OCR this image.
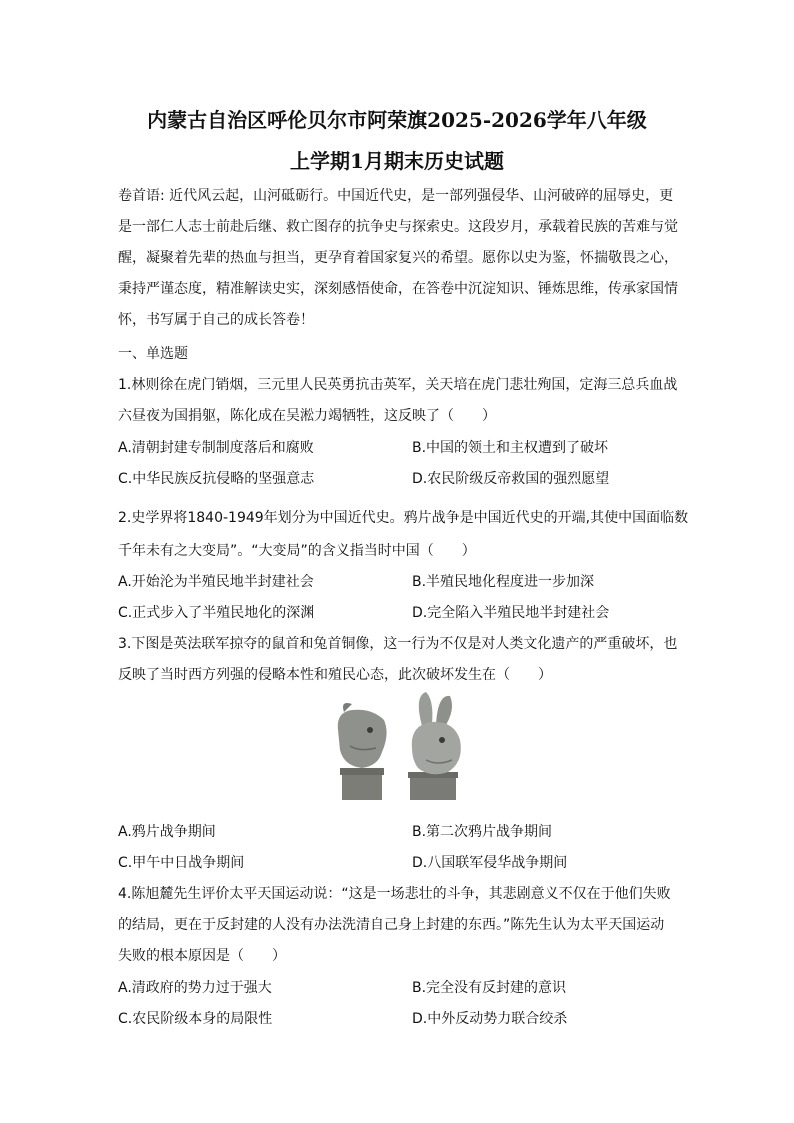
内蒙古自治区呼伦贝尔市阿荣旗2025-2026学年八年级
上学期1月期末历史试题

卷首语: 近代风云起，山河砥砺行。中国近代史，是一部列强侵华、山河破碎的屈辱史，更是一部仁人志士前赴后继、救亡图存的抗争史与探索史。这段岁月，承载着民族的苦难与觉醒，凝聚着先辈的热血与担当，更孕育着国家复兴的希望。愿你以史为鉴，怀揣敬畏之心，秉持严谨态度，精准解读史实，深刻感悟使命，在答卷中沉淀知识、锤炼思维，传承家国情怀，书写属于自己的成长答卷！

一、单选题
1.林则徐在虎门销烟，三元里人民英勇抗击英军，关天培在虎门悲壮殉国，定海三总兵血战
六昼夜为国捐躯，陈化成在吴淞力竭牺牲，这反映了（　　）
A.清朝封建专制制度落后和腐败	B.中国的领土和主权遭到了破坏
C.中华民族反抗侵略的坚强意志	D.农民阶级反帝救国的强烈愿望
2.史学界将1840-1949年划分为中国近代史。鸦片战争是中国近代史的开端,其使中国面临数
千年未有之大变局”。“大变局”的含义指当时中国（　　）
A.开始沦为半殖民地半封建社会	B.半殖民地化程度进一步加深
C.正式步入了半殖民地化的深渊	D.完全陷入半殖民地半封建社会
3.下图是英法联军掠夺的鼠首和兔首铜像，这一行为不仅是对人类文化遗产的严重破坏，也
反映了当时西方列强的侵略本性和殖民心态，此次破坏发生在（　　）
A.鸦片战争期间	B.第二次鸦片战争期间
C.甲午中日战争期间	D.八国联军侵华战争期间
4.陈旭麓先生评价太平天国运动说：“这是一场悲壮的斗争，其悲剧意义不仅在于他们失败
的结局，更在于反封建的人没有办法洗清自己身上封建的东西。”陈先生认为太平天国运动
失败的根本原因是（　　）
A.清政府的势力过于强大	B.完全没有反封建的意识
C.农民阶级本身的局限性	D.中外反动势力联合绞杀
